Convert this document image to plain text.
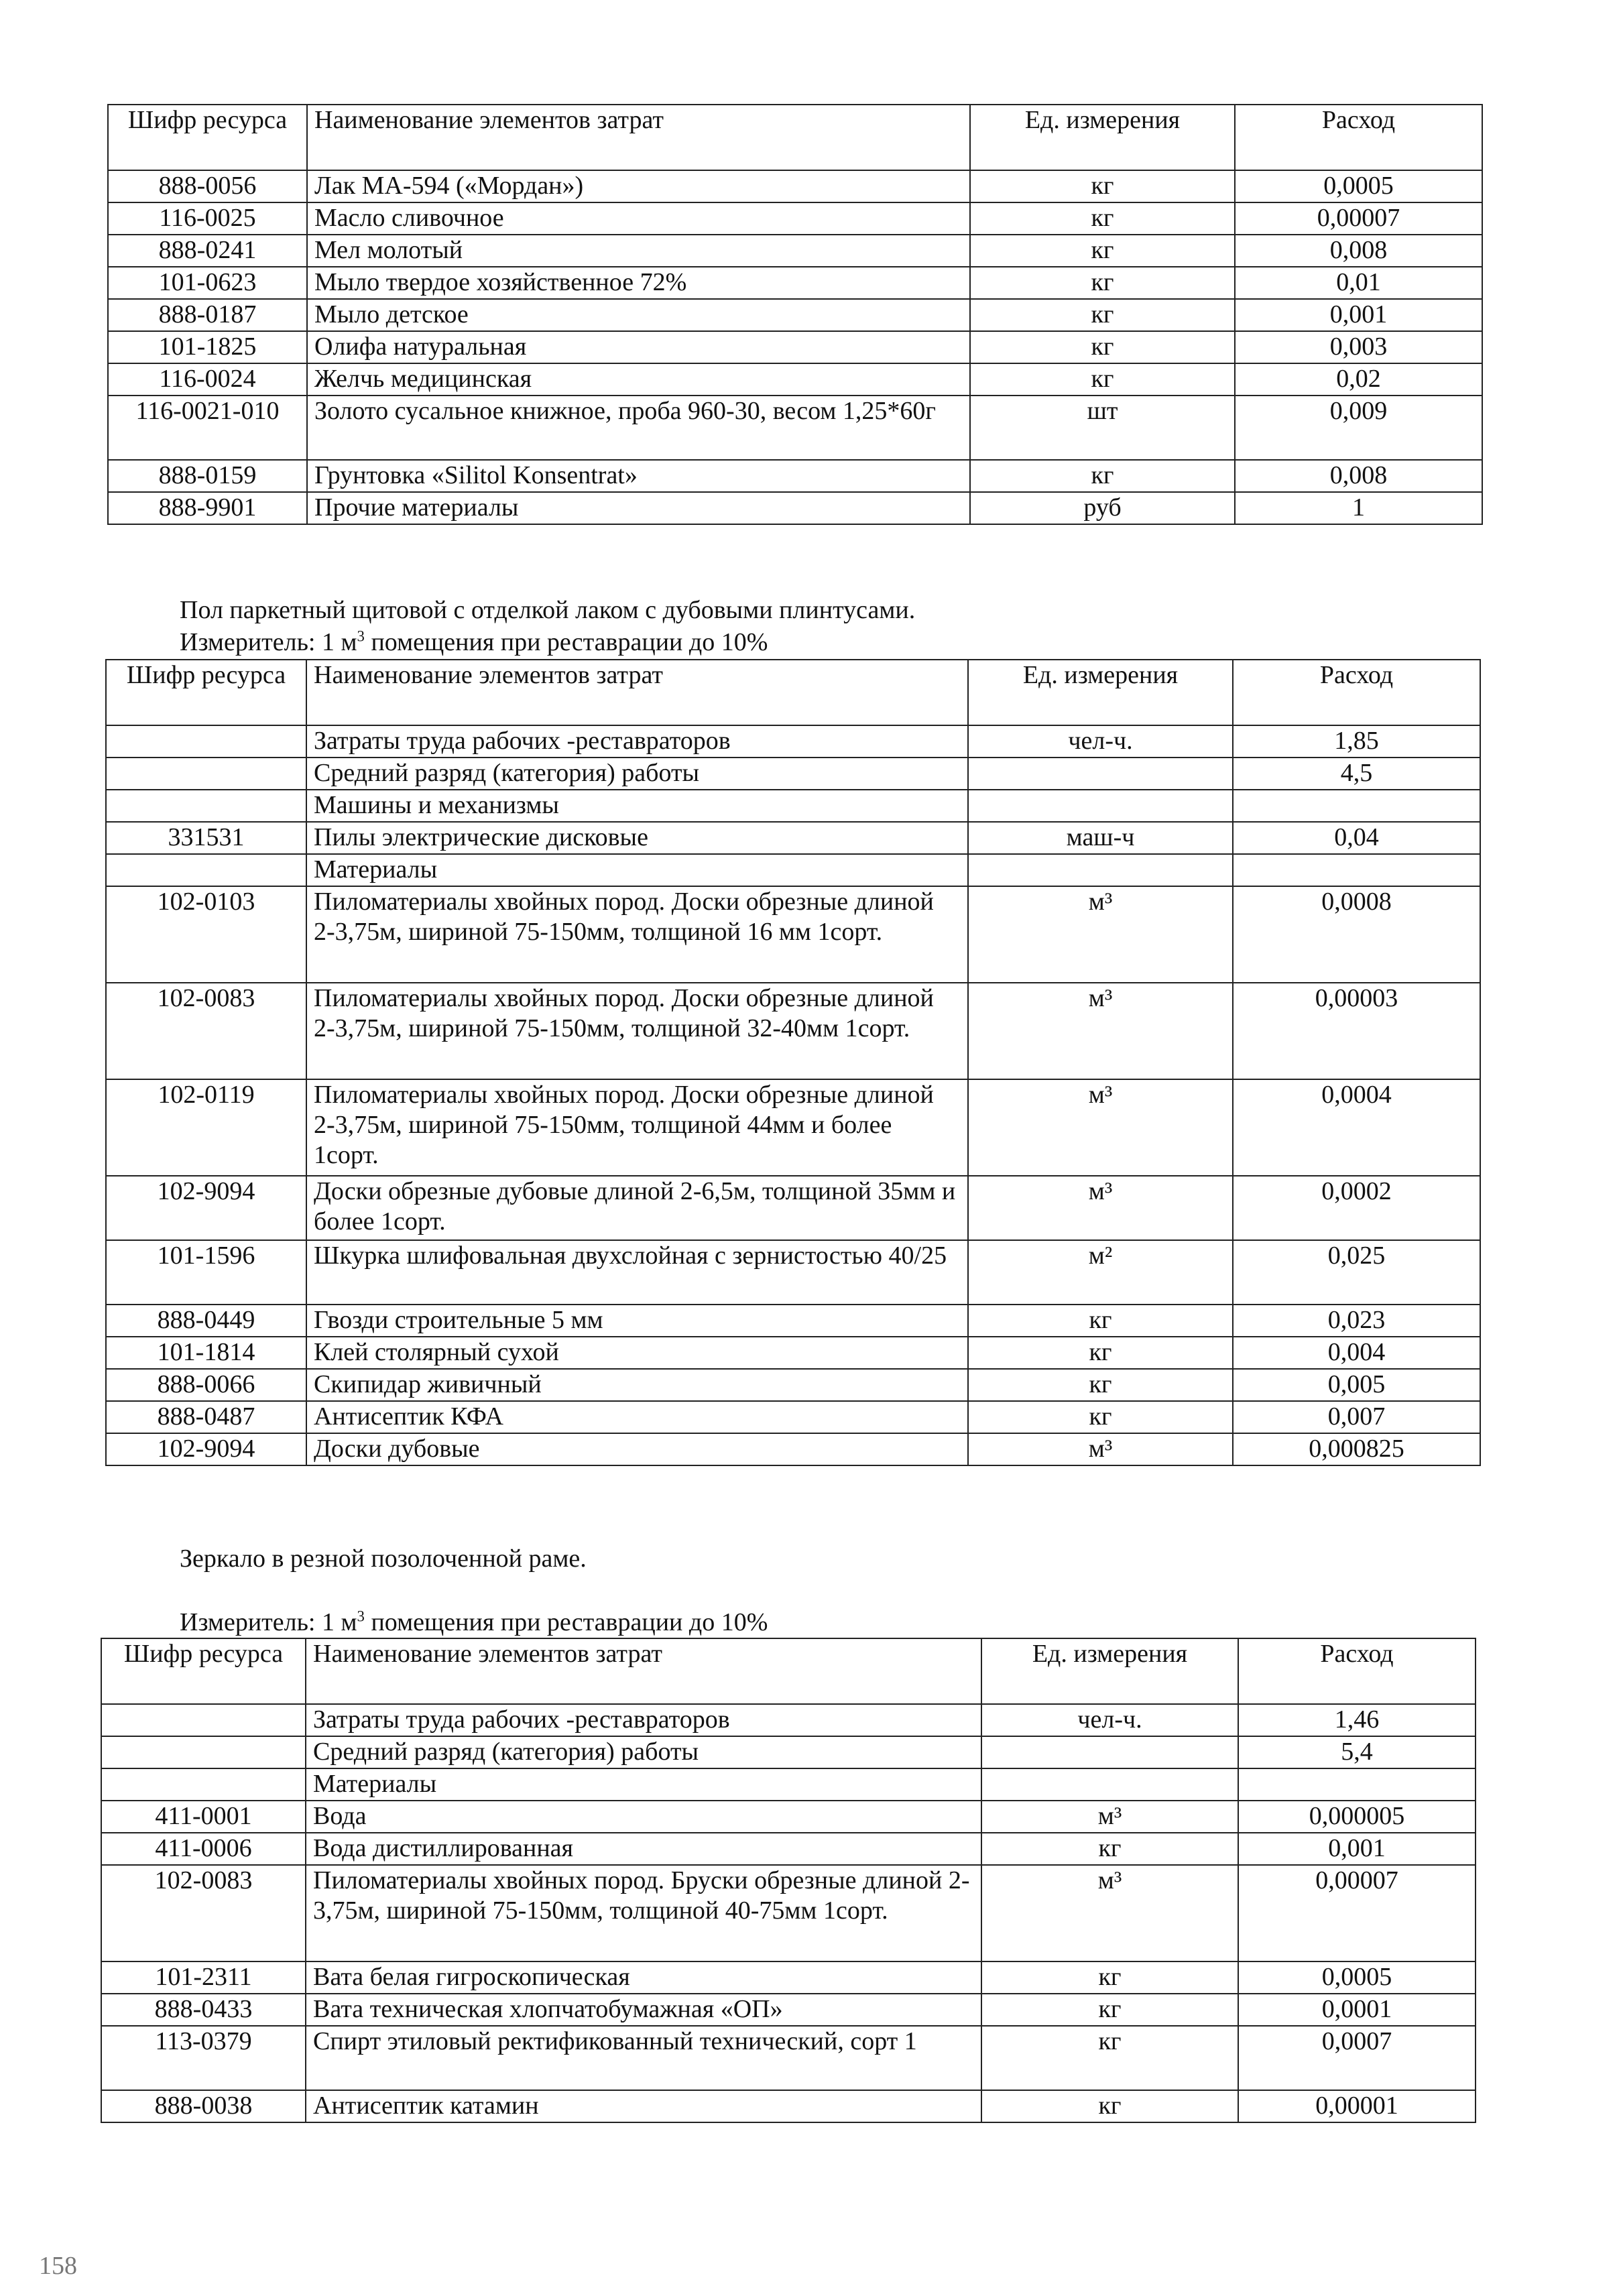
Шифр ресурса	Наименование элементов затрат	Ед. измерения	Расход
888-0056	Лак МА-594 («Мордан»)	кг	0,0005
116-0025	Масло сливочное	кг	0,00007
888-0241	Мел молотый	кг	0,008
101-0623	Мыло твердое хозяйственное 72%	кг	0,01
888-0187	Мыло детское	кг	0,001
101-1825	Олифа натуральная	кг	0,003
116-0024	Желчь медицинская	кг	0,02
116-0021-010	Золото сусальное книжное, проба 960-30, весом 1,25*60г	шт	0,009
888-0159	Грунтовка «Silitol Konsentrat»	кг	0,008
888-9901	Прочие материалы	руб	1
Пол паркетный щитовой с отделкой лаком с дубовыми плинтусами.
Измеритель: 1 $м^3$ помещения при реставрации до 10%
Шифр ресурса	Наименование элементов затрат	Ед. измерения	Расход
	Затраты труда рабочих -реставраторов	чел-ч.	1,85
	Средний разряд (категория) работы		4,5
	Машины и механизмы		
331531	Пилы электрические дисковые	маш-ч	0,04
	Материалы		
102-0103	Пиломатериалы хвойных пород. Доски обрезные длиной 2-3,75м, шириной 75-150мм, толщиной 16 мм 1сорт.	м³	0,0008
102-0083	Пиломатериалы хвойных пород. Доски обрезные длиной 2-3,75м, шириной 75-150мм, толщиной 32-40мм 1сорт.	м³	0,00003
102-0119	Пиломатериалы хвойных пород. Доски обрезные длиной 2-3,75м, шириной 75-150мм, толщиной 44мм и более 1сорт.	м³	0,0004
102-9094	Доски обрезные дубовые длиной 2-6,5м, толщиной 35мм и более 1сорт.	м³	0,0002
101-1596	Шкурка шлифовальная двухслойная с зернистостью 40/25	м²	0,025
888-0449	Гвозди строительные 5 мм	кг	0,023
101-1814	Клей столярный сухой	кг	0,004
888-0066	Скипидар живичный	кг	0,005
888-0487	Антисептик КФА	кг	0,007
102-9094	Доски дубовые	м³	0,000825
Зеркало в резной позолоченной раме.
Измеритель: 1 $м^3$ помещения при реставрации до 10%
Шифр ресурса	Наименование элементов затрат	Ед. измерения	Расход
	Затраты труда рабочих -реставраторов	чел-ч.	1,46
	Средний разряд (категория) работы		5,4
	Материалы		
411-0001	Вода	м³	0,000005
411-0006	Вода дистиллированная	кг	0,001
102-0083	Пиломатериалы хвойных пород. Бруски обрезные длиной 2-3,75м, шириной 75-150мм, толщиной 40-75мм 1сорт.	м³	0,00007
101-2311	Вата белая гигроскопическая	кг	0,0005
888-0433	Вата техническая хлопчатобумажная «ОП»	кг	0,0001
113-0379	Спирт этиловый ректификованный технический, сорт 1	кг	0,0007
888-0038	Антисептик катамин	кг	0,00001
158
